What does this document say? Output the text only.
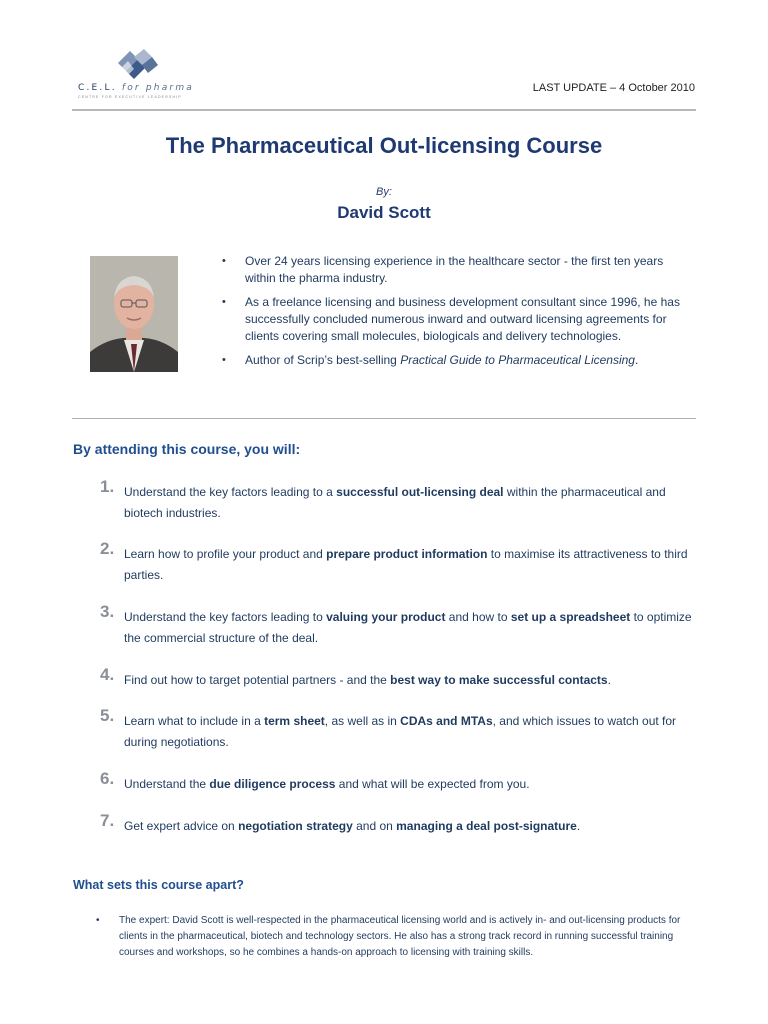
C.E.L. for pharma
CENTRE FOR EXECUTIVE LEADERSHIP
LAST UPDATE – 4 October 2010
The Pharmaceutical Out-licensing Course
By:
David Scott
• Over 24 years licensing experience in the healthcare sector - the first ten years within the pharma industry.
• As a freelance licensing and business development consultant since 1996, he has successfully concluded numerous inward and outward licensing agreements for clients covering small molecules, biologicals and delivery technologies.
• Author of Scrip’s best-selling Practical Guide to Pharmaceutical Licensing.
By attending this course, you will:
1. Understand the key factors leading to a successful out-licensing deal within the pharmaceutical and biotech industries.
2. Learn how to profile your product and prepare product information to maximise its attractiveness to third parties.
3. Understand the key factors leading to valuing your product and how to set up a spreadsheet to optimize the commercial structure of the deal.
4. Find out how to target potential partners - and the best way to make successful contacts.
5. Learn what to include in a term sheet, as well as in CDAs and MTAs, and which issues to watch out for during negotiations.
6. Understand the due diligence process and what will be expected from you.
7. Get expert advice on negotiation strategy and on managing a deal post-signature.
What sets this course apart?
• The expert: David Scott is well-respected in the pharmaceutical licensing world and is actively in- and out-licensing products for clients in the pharmaceutical, biotech and technology sectors. He also has a strong track record in running successful training courses and workshops, so he combines a hands-on approach to licensing with training skills.
